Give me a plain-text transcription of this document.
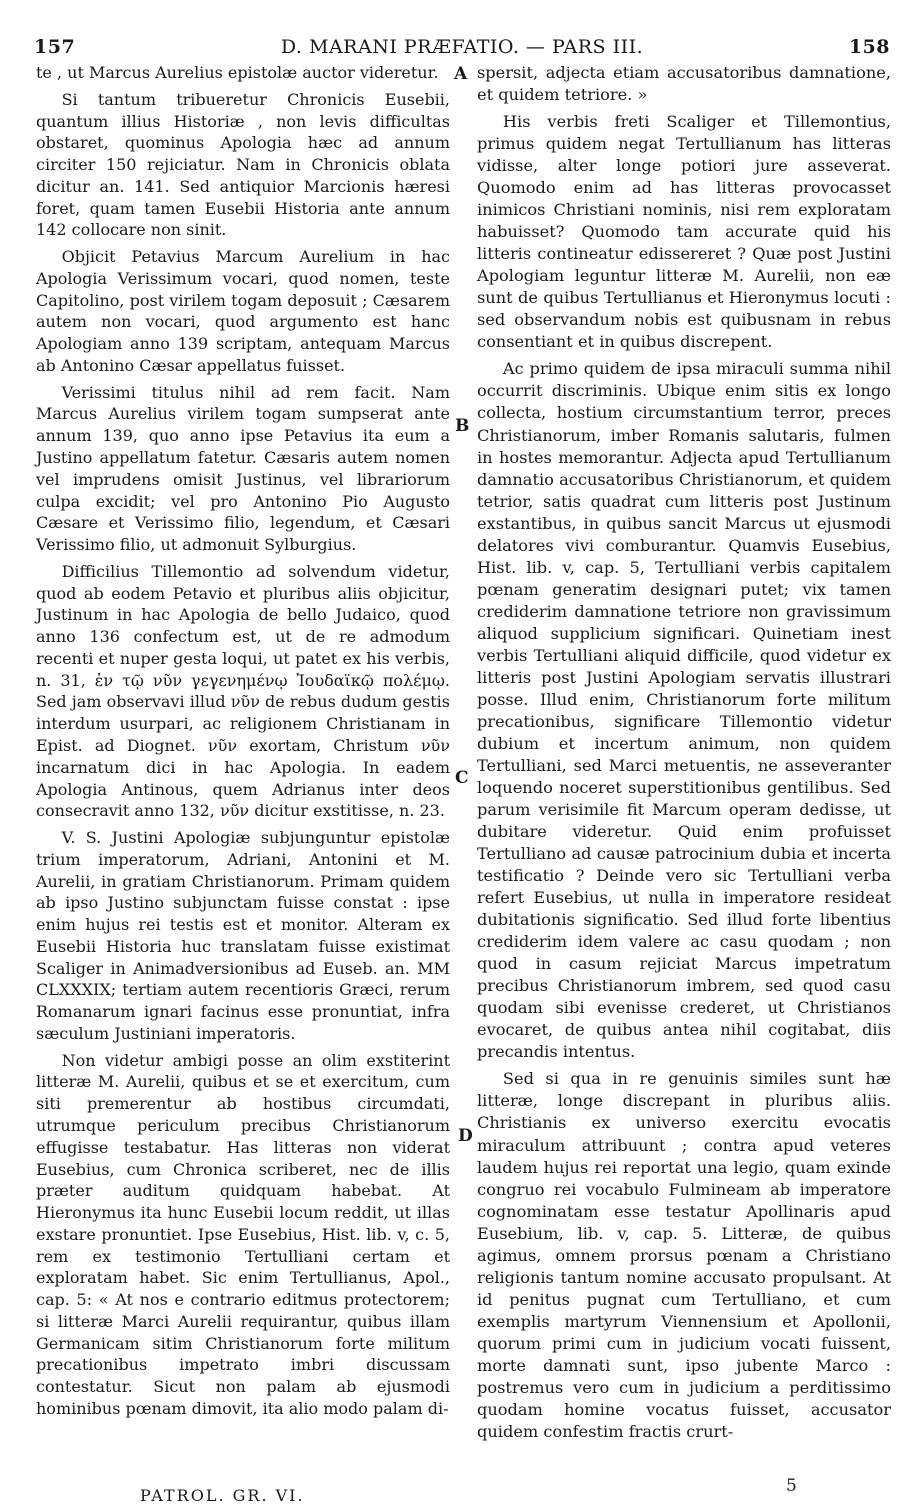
157	D. MARANI PRÆFATIO. — PARS III.	158

te , ut Marcus Aurelius epistolæ auctor videretur.

Si tantum tribueretur Chronicis Eusebii, quantum illius Historiæ , non levis difficultas obstaret, quominus Apologia hæc ad annum circiter 150 rejiciatur. Nam in Chronicis oblata dicitur an. 141. Sed antiquior Marcionis hæresi foret, quam tamen Eusebii Historia ante annum 142 collocare non sinit.

Objicit Petavius Marcum Aurelium in hac Apologia Verissimum vocari, quod nomen, teste Capitolino, post virilem togam deposuit ; Cæsarem autem non vocari, quod argumento est hanc Apologiam anno 139 scriptam, antequam Marcus ab Antonino Cæsar appellatus fuisset.

Verissimi titulus nihil ad rem facit. Nam Marcus Aurelius virilem togam sumpserat ante annum 139, quo anno ipse Petavius ita eum a Justino appellatum fatetur. Cæsaris autem nomen vel imprudens omisit Justinus, vel librariorum culpa excidit; vel pro Antonino Pio Augusto Cæsare et Verissimo filio, legendum, et Cæsari Verissimo filio, ut admonuit Sylburgius.

Difficilius Tillemontio ad solvendum videtur, quod ab eodem Petavio et pluribus aliis objicitur, Justinum in hac Apologia de bello Judaico, quod anno 136 confectum est, ut de re admodum recenti et nuper gesta loqui, ut patet ex his verbis, n. 31, ἐν τῷ νῦν γεγενημένῳ Ἰουδαϊκῷ πολέμῳ. Sed jam observavi illud νῦν de rebus dudum gestis interdum usurpari, ac religionem Christianam in Epist. ad Diognet. νῦν exortam, Christum νῦν incarnatum dici in hac Apologia. In eadem Apologia Antinous, quem Adrianus inter deos consecravit anno 132, νῦν dicitur exstitisse, n. 23.

V. S. Justini Apologiæ subjunguntur epistolæ trium imperatorum, Adriani, Antonini et M. Aurelii, in gratiam Christianorum. Primam quidem ab ipso Justino subjunctam fuisse constat : ipse enim hujus rei testis est et monitor. Alteram ex Eusebii Historia huc translatam fuisse existimat Scaliger in Animadversionibus ad Euseb. an. MM CLXXXIX; tertiam autem recentioris Græci, rerum Romanarum ignari facinus esse pronuntiat, infra sæculum Justiniani imperatoris.

Non videtur ambigi posse an olim exstiterint litteræ M. Aurelii, quibus et se et exercitum, cum siti premerentur ab hostibus circumdati, utrumque periculum precibus Christianorum effugisse testabatur. Has litteras non viderat Eusebius, cum Chronica scriberet, nec de illis præter auditum quidquam habebat. At Hieronymus ita hunc Eusebii locum reddit, ut illas exstare pronuntiet. Ipse Eusebius, Hist. lib. v, c. 5, rem ex testimonio Tertulliani certam et exploratam habet. Sic enim Tertullianus, Apol., cap. 5: « At nos e contrario editmus protectorem; si litteræ Marci Aurelii requirantur, quibus illam Germanicam sitim Christianorum forte militum precationibus impetrato imbri discussam contestatur. Sicut non palam ab ejusmodi hominibus pœnam dimovit, ita alio modo palam di-

A
B
C
D

spersit, adjecta etiam accusatoribus damnatione, et quidem tetriore. »

His verbis freti Scaliger et Tillemontius, primus quidem negat Tertullianum has litteras vidisse, alter longe potiori jure asseverat. Quomodo enim ad has litteras provocasset inimicos Christiani nominis, nisi rem exploratam habuisset? Quomodo tam accurate quid his litteris contineatur edissereret ? Quæ post Justini Apologiam leguntur litteræ M. Aurelii, non eæ sunt de quibus Tertullianus et Hieronymus locuti : sed observandum nobis est quibusnam in rebus consentiant et in quibus discrepent.

Ac primo quidem de ipsa miraculi summa nihil occurrit discriminis. Ubique enim sitis ex longo collecta, hostium circumstantium terror, preces Christianorum, imber Romanis salutaris, fulmen in hostes memorantur. Adjecta apud Tertullianum damnatio accusatoribus Christianorum, et quidem tetrior, satis quadrat cum litteris post Justinum exstantibus, in quibus sancit Marcus ut ejusmodi delatores vivi comburantur. Quamvis Eusebius, Hist. lib. v, cap. 5, Tertulliani verbis capitalem pœnam generatim designari putet; vix tamen crediderim damnatione tetriore non gravissimum aliquod supplicium significari. Quinetiam inest verbis Tertulliani aliquid difficile, quod videtur ex litteris post Justini Apologiam servatis illustrari posse. Illud enim, Christianorum forte militum precationibus, significare Tillemontio videtur dubium et incertum animum, non quidem Tertulliani, sed Marci metuentis, ne asseveranter loquendo noceret superstitionibus gentilibus. Sed parum verisimile fit Marcum operam dedisse, ut dubitare videretur. Quid enim profuisset Tertulliano ad causæ patrocinium dubia et incerta testificatio ? Deinde vero sic Tertulliani verba refert Eusebius, ut nulla in imperatore resideat dubitationis significatio. Sed illud forte libentius crediderim idem valere ac casu quodam ; non quod in casum rejiciat Marcus impetratum precibus Christianorum imbrem, sed quod casu quodam sibi evenisse crederet, ut Christianos evocaret, de quibus antea nihil cogitabat, diis precandis intentus.

Sed si qua in re genuinis similes sunt hæ litteræ, longe discrepant in pluribus aliis. Christianis ex universo exercitu evocatis miraculum attribuunt ; contra apud veteres laudem hujus rei reportat una legio, quam exinde congruo rei vocabulo Fulmineam ab imperatore cognominatam esse testatur Apollinaris apud Eusebium, lib. v, cap. 5. Litteræ, de quibus agimus, omnem prorsus pœnam a Christiano religionis tantum nomine accusato propulsant. At id penitus pugnat cum Tertulliano, et cum exemplis martyrum Viennensium et Apollonii, quorum primi cum in judicium vocati fuissent, morte damnati sunt, ipso jubente Marco : postremus vero cum in judicium a perditissimo quodam homine vocatus fuisset, accusator quidem confestim fractis crurt-

PATROL. GR. VI.	5
